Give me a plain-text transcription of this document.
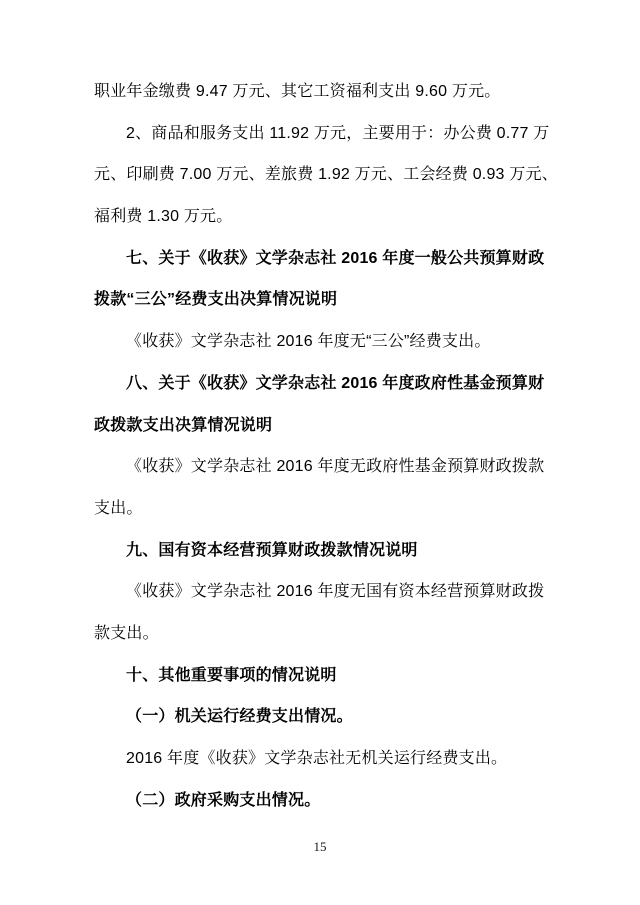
职业年金缴费 9.47 万元、其它工资福利支出 9.60 万元。
2、商品和服务支出 11.92 万元，主要用于：办公费 0.77 万
元、印刷费 7.00 万元、差旅费 1.92 万元、工会经费 0.93 万元、
福利费 1.30 万元。
七、关于《收获》文学杂志社 2016 年度一般公共预算财政
拨款“三公”经费支出决算情况说明
《收获》文学杂志社 2016 年度无“三公”经费支出。
八、关于《收获》文学杂志社 2016 年度政府性基金预算财
政拨款支出决算情况说明
《收获》文学杂志社 2016 年度无政府性基金预算财政拨款
支出。
九、国有资本经营预算财政拨款情况说明
《收获》文学杂志社 2016 年度无国有资本经营预算财政拨
款支出。
十、其他重要事项的情况说明
（一）机关运行经费支出情况。
2016 年度《收获》文学杂志社无机关运行经费支出。
（二）政府采购支出情况。
15
